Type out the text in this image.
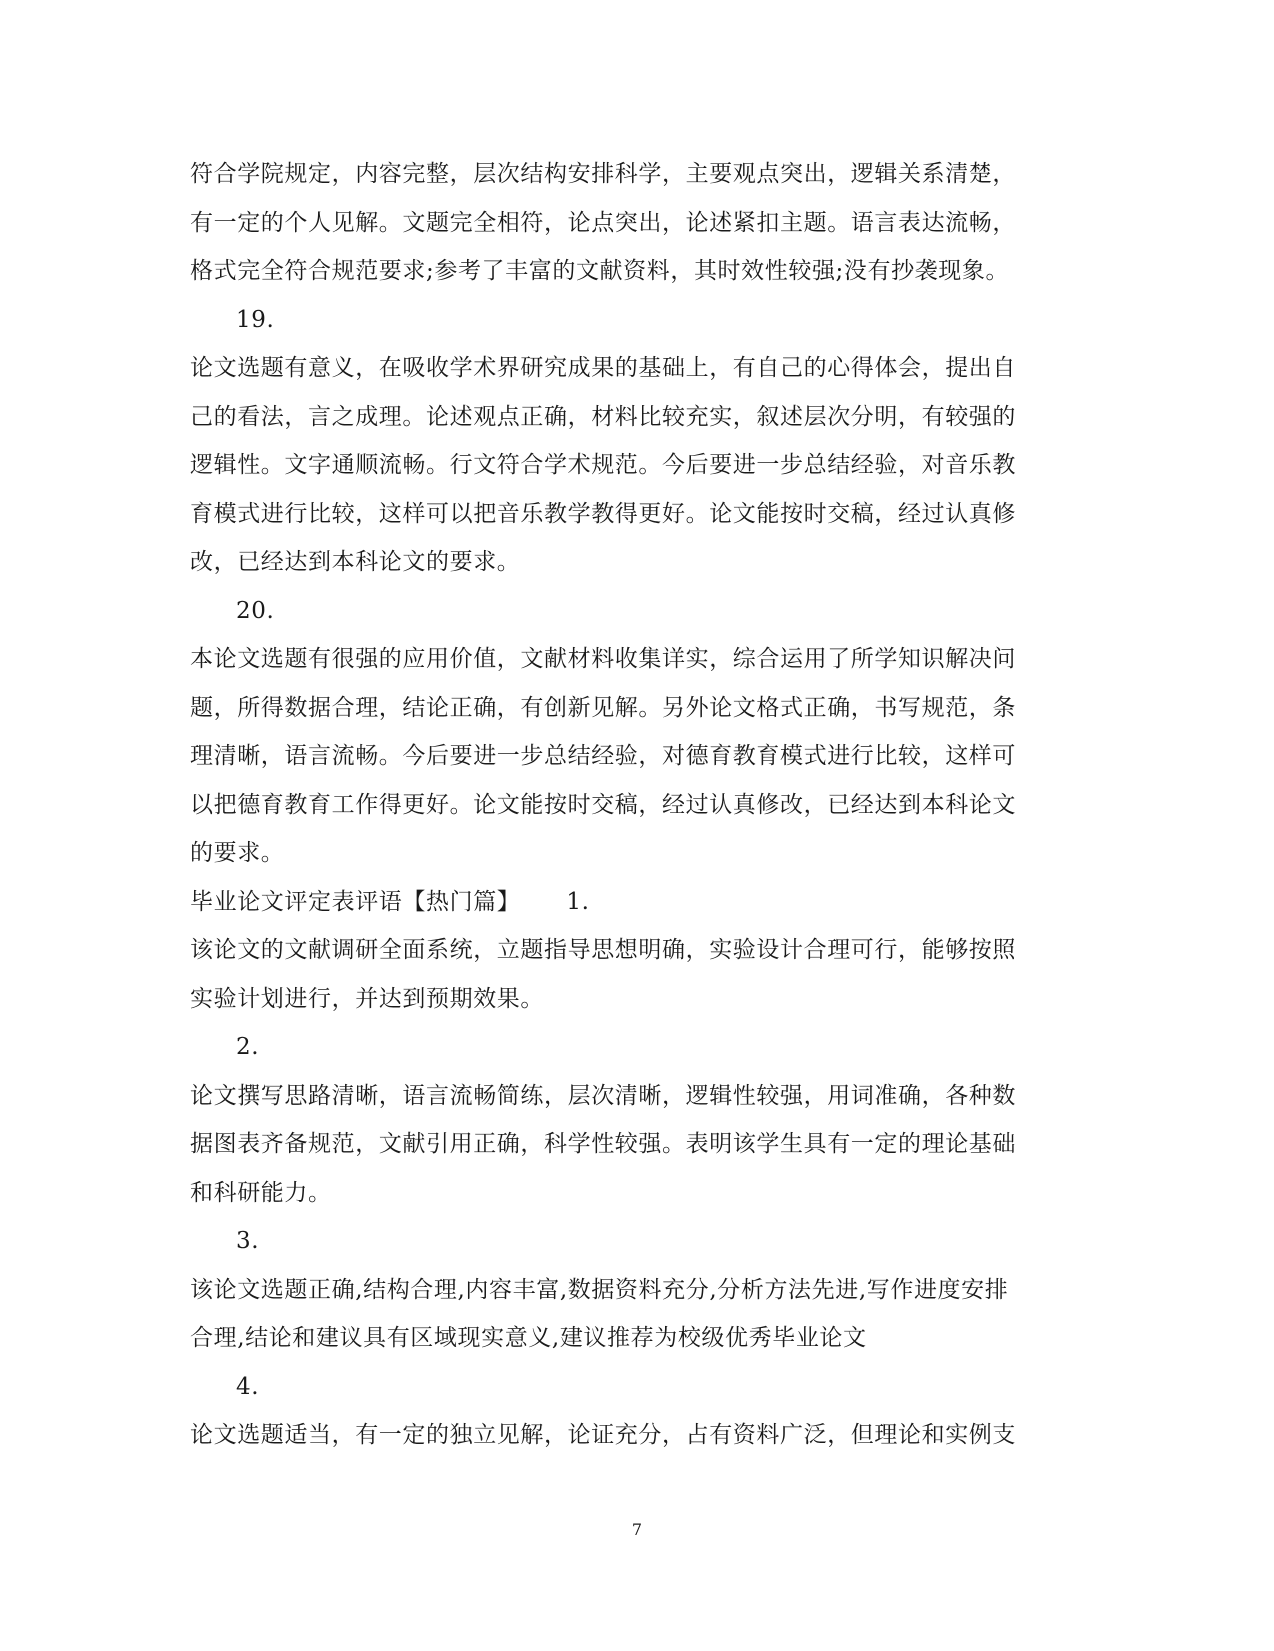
符合学院规定，内容完整，层次结构安排科学，主要观点突出，逻辑关系清楚，
有一定的个人见解。文题完全相符，论点突出，论述紧扣主题。语言表达流畅，
格式完全符合规范要求;参考了丰富的文献资料，其时效性较强;没有抄袭现象。
19.
论文选题有意义，在吸收学术界研究成果的基础上，有自己的心得体会，提出自
己的看法，言之成理。论述观点正确，材料比较充实，叙述层次分明，有较强的
逻辑性。文字通顺流畅。行文符合学术规范。今后要进一步总结经验，对音乐教
育模式进行比较，这样可以把音乐教学教得更好。论文能按时交稿，经过认真修
改，已经达到本科论文的要求。
20.
本论文选题有很强的应用价值，文献材料收集详实，综合运用了所学知识解决问
题，所得数据合理，结论正确，有创新见解。另外论文格式正确，书写规范，条
理清晰，语言流畅。今后要进一步总结经验，对德育教育模式进行比较，这样可
以把德育教育工作得更好。论文能按时交稿，经过认真修改，已经达到本科论文
的要求。
毕业论文评定表评语【热门篇】 1.
该论文的文献调研全面系统，立题指导思想明确，实验设计合理可行，能够按照
实验计划进行，并达到预期效果。
2.
论文撰写思路清晰，语言流畅简练，层次清晰，逻辑性较强，用词准确，各种数
据图表齐备规范，文献引用正确，科学性较强。表明该学生具有一定的理论基础
和科研能力。
3.
该论文选题正确,结构合理,内容丰富,数据资料充分,分析方法先进,写作进度安排
合理,结论和建议具有区域现实意义,建议推荐为校级优秀毕业论文
4.
论文选题适当，有一定的独立见解，论证充分，占有资料广泛，但理论和实例支
7
